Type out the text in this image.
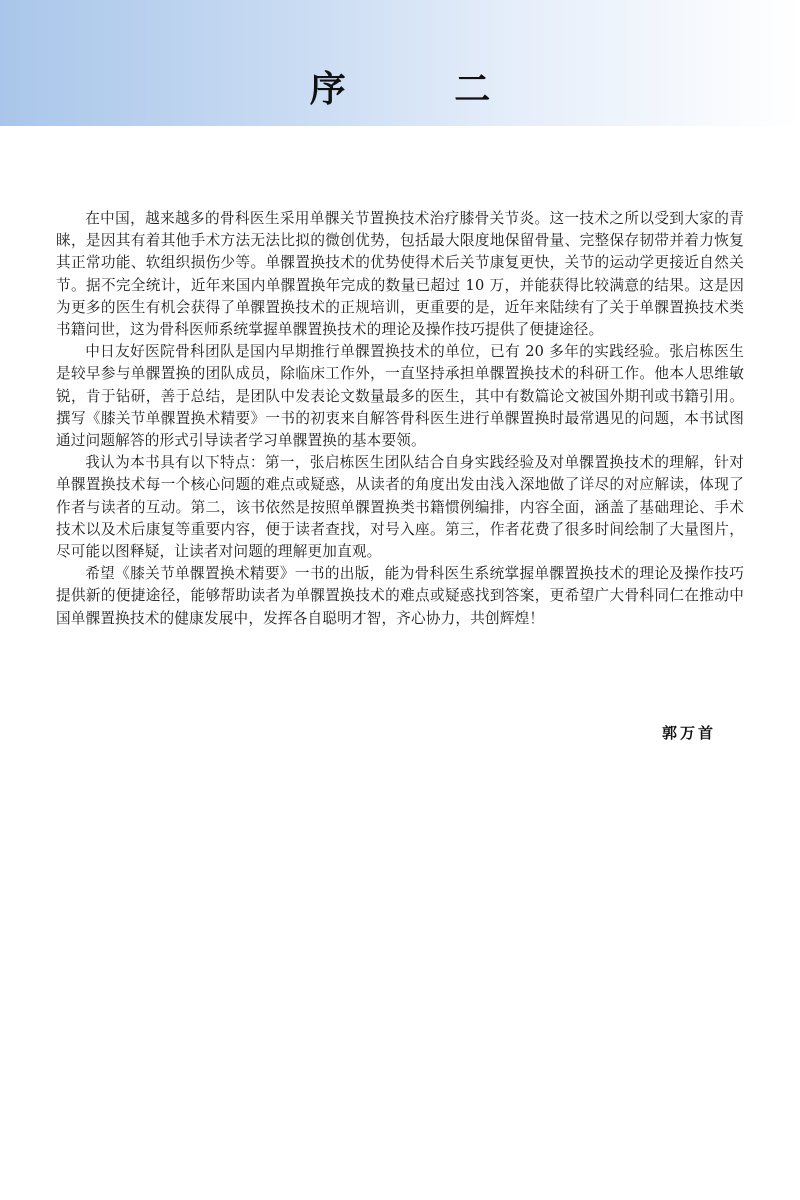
序 二

在中国，越来越多的骨科医生采用单髁关节置换技术治疗膝骨关节炎。这一技术之所以受到大家的青睐，是因其有着其他手术方法无法比拟的微创优势，包括最大限度地保留骨量、完整保存韧带并着力恢复其正常功能、软组织损伤少等。单髁置换技术的优势使得术后关节康复更快，关节的运动学更接近自然关节。据不完全统计，近年来国内单髁置换年完成的数量已超过 10 万，并能获得比较满意的结果。这是因为更多的医生有机会获得了单髁置换技术的正规培训，更重要的是，近年来陆续有了关于单髁置换技术类书籍问世，这为骨科医师系统掌握单髁置换技术的理论及操作技巧提供了便捷途径。

中日友好医院骨科团队是国内早期推行单髁置换技术的单位，已有 20 多年的实践经验。张启栋医生是较早参与单髁置换的团队成员，除临床工作外，一直坚持承担单髁置换技术的科研工作。他本人思维敏锐，肯于钻研，善于总结，是团队中发表论文数量最多的医生，其中有数篇论文被国外期刊或书籍引用。撰写《膝关节单髁置换术精要》一书的初衷来自解答骨科医生进行单髁置换时最常遇见的问题，本书试图通过问题解答的形式引导读者学习单髁置换的基本要领。

我认为本书具有以下特点：第一，张启栋医生团队结合自身实践经验及对单髁置换技术的理解，针对单髁置换技术每一个核心问题的难点或疑惑，从读者的角度出发由浅入深地做了详尽的对应解读，体现了作者与读者的互动。第二，该书依然是按照单髁置换类书籍惯例编排，内容全面，涵盖了基础理论、手术技术以及术后康复等重要内容，便于读者查找，对号入座。第三，作者花费了很多时间绘制了大量图片，尽可能以图释疑，让读者对问题的理解更加直观。

希望《膝关节单髁置换术精要》一书的出版，能为骨科医生系统掌握单髁置换技术的理论及操作技巧提供新的便捷途径，能够帮助读者为单髁置换技术的难点或疑惑找到答案，更希望广大骨科同仁在推动中国单髁置换技术的健康发展中，发挥各自聪明才智，齐心协力，共创辉煌！

郭万首
